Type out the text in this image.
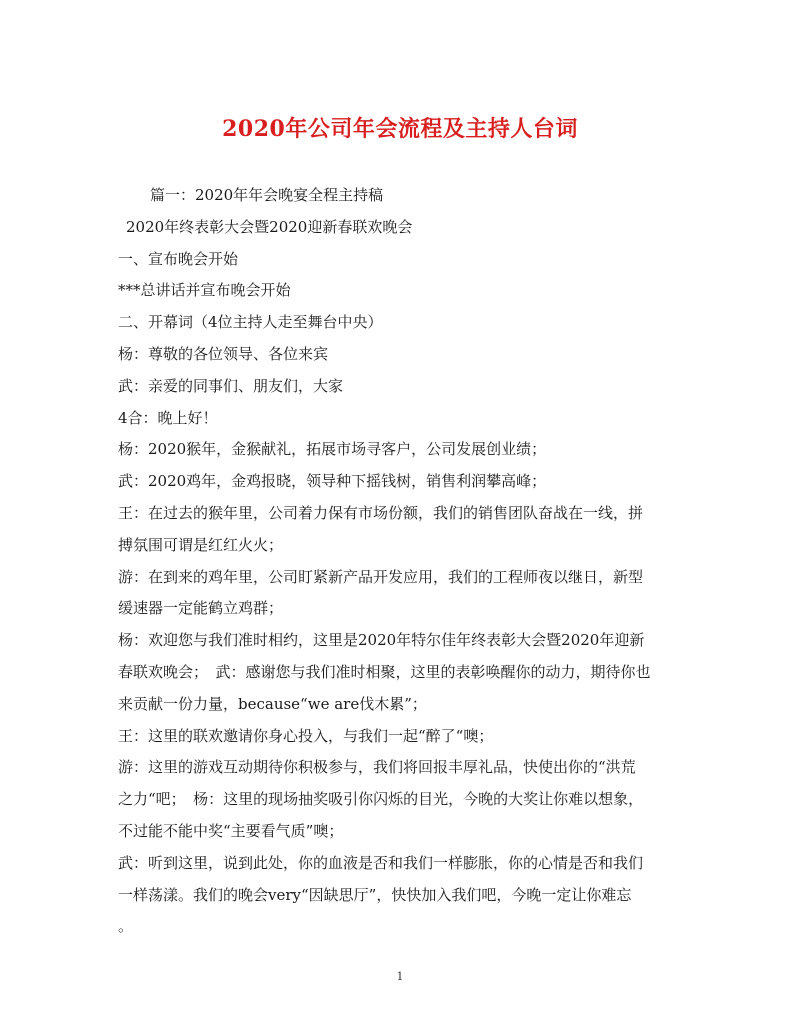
2020年公司年会流程及主持人台词
篇一：2020年年会晚宴全程主持稿
2020年终表彰大会暨2020迎新春联欢晚会
一、宣布晚会开始
***总讲话并宣布晚会开始
二、开幕词（4位主持人走至舞台中央）
杨：尊敬的各位领导、各位来宾
武：亲爱的同事们、朋友们，大家
4合：晚上好！
杨：2020猴年，金猴献礼，拓展市场寻客户，公司发展创业绩；
武：2020鸡年，金鸡报晓，领导种下摇钱树，销售利润攀高峰；
王：在过去的猴年里，公司着力保有市场份额，我们的销售团队奋战在一线，拼
搏氛围可谓是红红火火；
游：在到来的鸡年里，公司盯紧新产品开发应用，我们的工程师夜以继日，新型
缓速器一定能鹤立鸡群；
杨：欢迎您与我们准时相约，这里是2020年特尔佳年终表彰大会暨2020年迎新
春联欢晚会；　武：感谢您与我们准时相聚，这里的表彰唤醒你的动力，期待你也
来贡献一份力量，because“we are伐木累”；
王：这里的联欢邀请你身心投入，与我们一起“醉了“噢；
游：这里的游戏互动期待你积极参与，我们将回报丰厚礼品，快使出你的“洪荒
之力“吧；　杨：这里的现场抽奖吸引你闪烁的目光，今晚的大奖让你难以想象，
不过能不能中奖“主要看气质”噢；
武：听到这里，说到此处，你的血液是否和我们一样膨胀，你的心情是否和我们
一样荡漾。我们的晚会very“因缺思厅”，快快加入我们吧，今晚一定让你难忘
。
1
